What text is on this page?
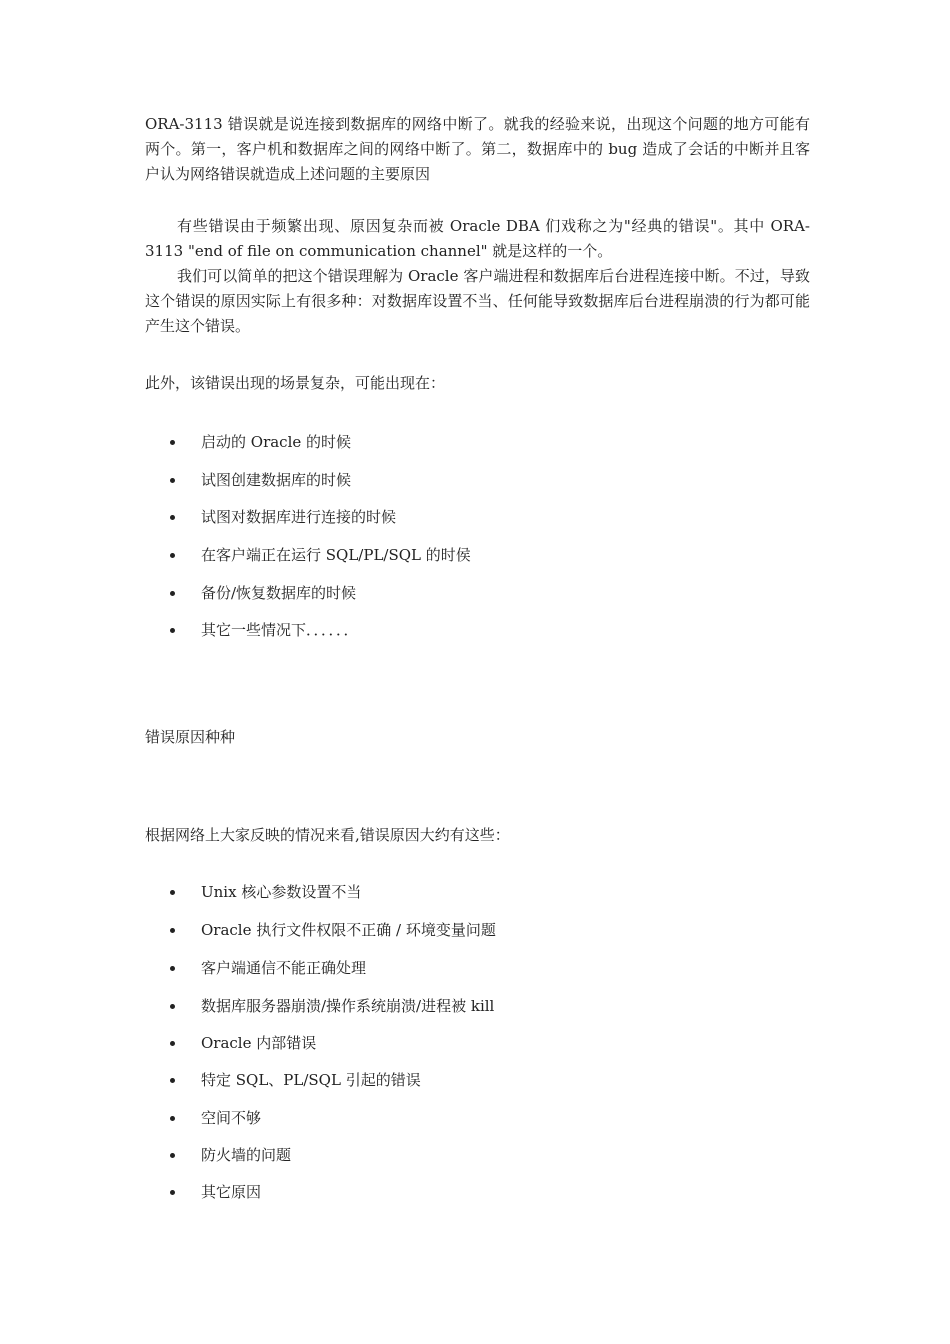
ORA-3113 错误就是说连接到数据库的网络中断了。就我的经验来说，出现这个问题的地方可能有两个。第一，客户机和数据库之间的网络中断了。第二，数据库中的 bug 造成了会话的中断并且客户认为网络错误就造成上述问题的主要原因
有些错误由于频繁出现、原因复杂而被 Oracle DBA 们戏称之为"经典的错误"。其中 ORA-3113 "end of file on communication channel" 就是这样的一个。
我们可以简单的把这个错误理解为 Oracle 客户端进程和数据库后台进程连接中断。不过，导致这个错误的原因实际上有很多种：对数据库设置不当、任何能导致数据库后台进程崩溃的行为都可能产生这个错误。
此外，该错误出现的场景复杂，可能出现在：
启动的 Oracle 的时候
试图创建数据库的时候
试图对数据库进行连接的时候
在客户端正在运行 SQL/PL/SQL 的时侯
备份/恢复数据库的时候
其它一些情况下．．．．．．
错误原因种种
根据网络上大家反映的情况来看,错误原因大约有这些：
Unix 核心参数设置不当
Oracle 执行文件权限不正确 / 环境变量问题
客户端通信不能正确处理
数据库服务器崩溃/操作系统崩溃/进程被 kill
Oracle 内部错误
特定 SQL、PL/SQL 引起的错误
空间不够
防火墙的问题
其它原因
